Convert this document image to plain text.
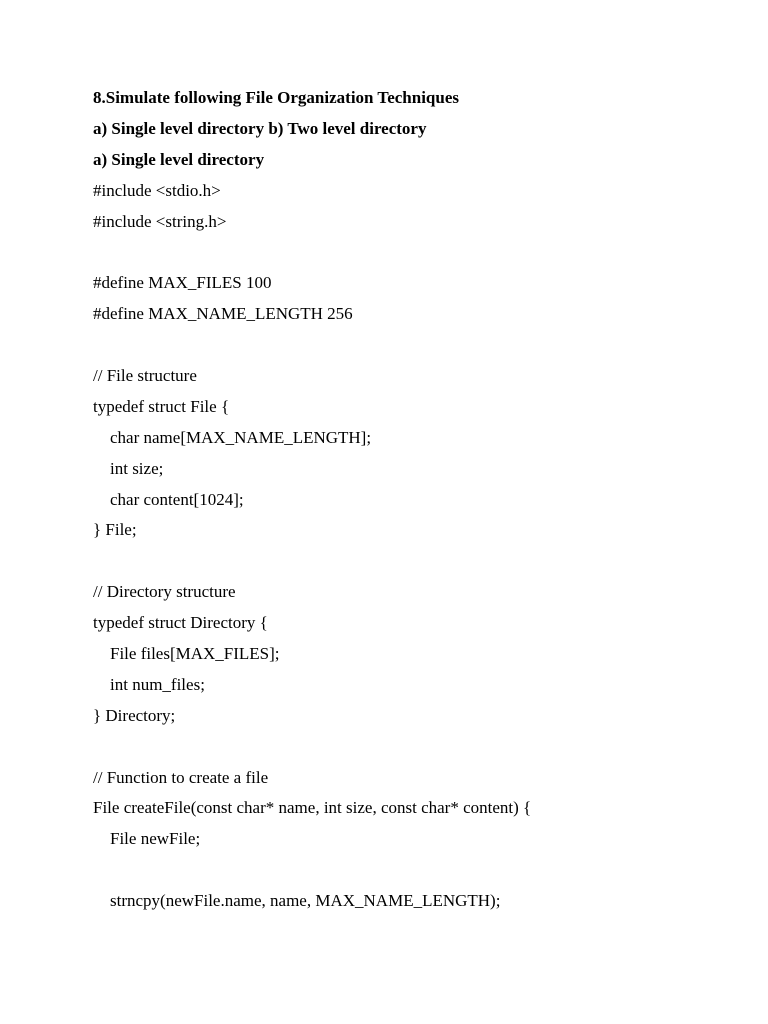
8.Simulate following File Organization Techniques
a) Single level directory b) Two level directory
a) Single level directory
#include <stdio.h>
#include <string.h>
#define MAX_FILES 100
#define MAX_NAME_LENGTH 256
// File structure
typedef struct File {
char name[MAX_NAME_LENGTH];
int size;
char content[1024];
} File;
// Directory structure
typedef struct Directory {
File files[MAX_FILES];
int num_files;
} Directory;
// Function to create a file
File createFile(const char* name, int size, const char* content) {
File newFile;
strncpy(newFile.name, name, MAX_NAME_LENGTH);
